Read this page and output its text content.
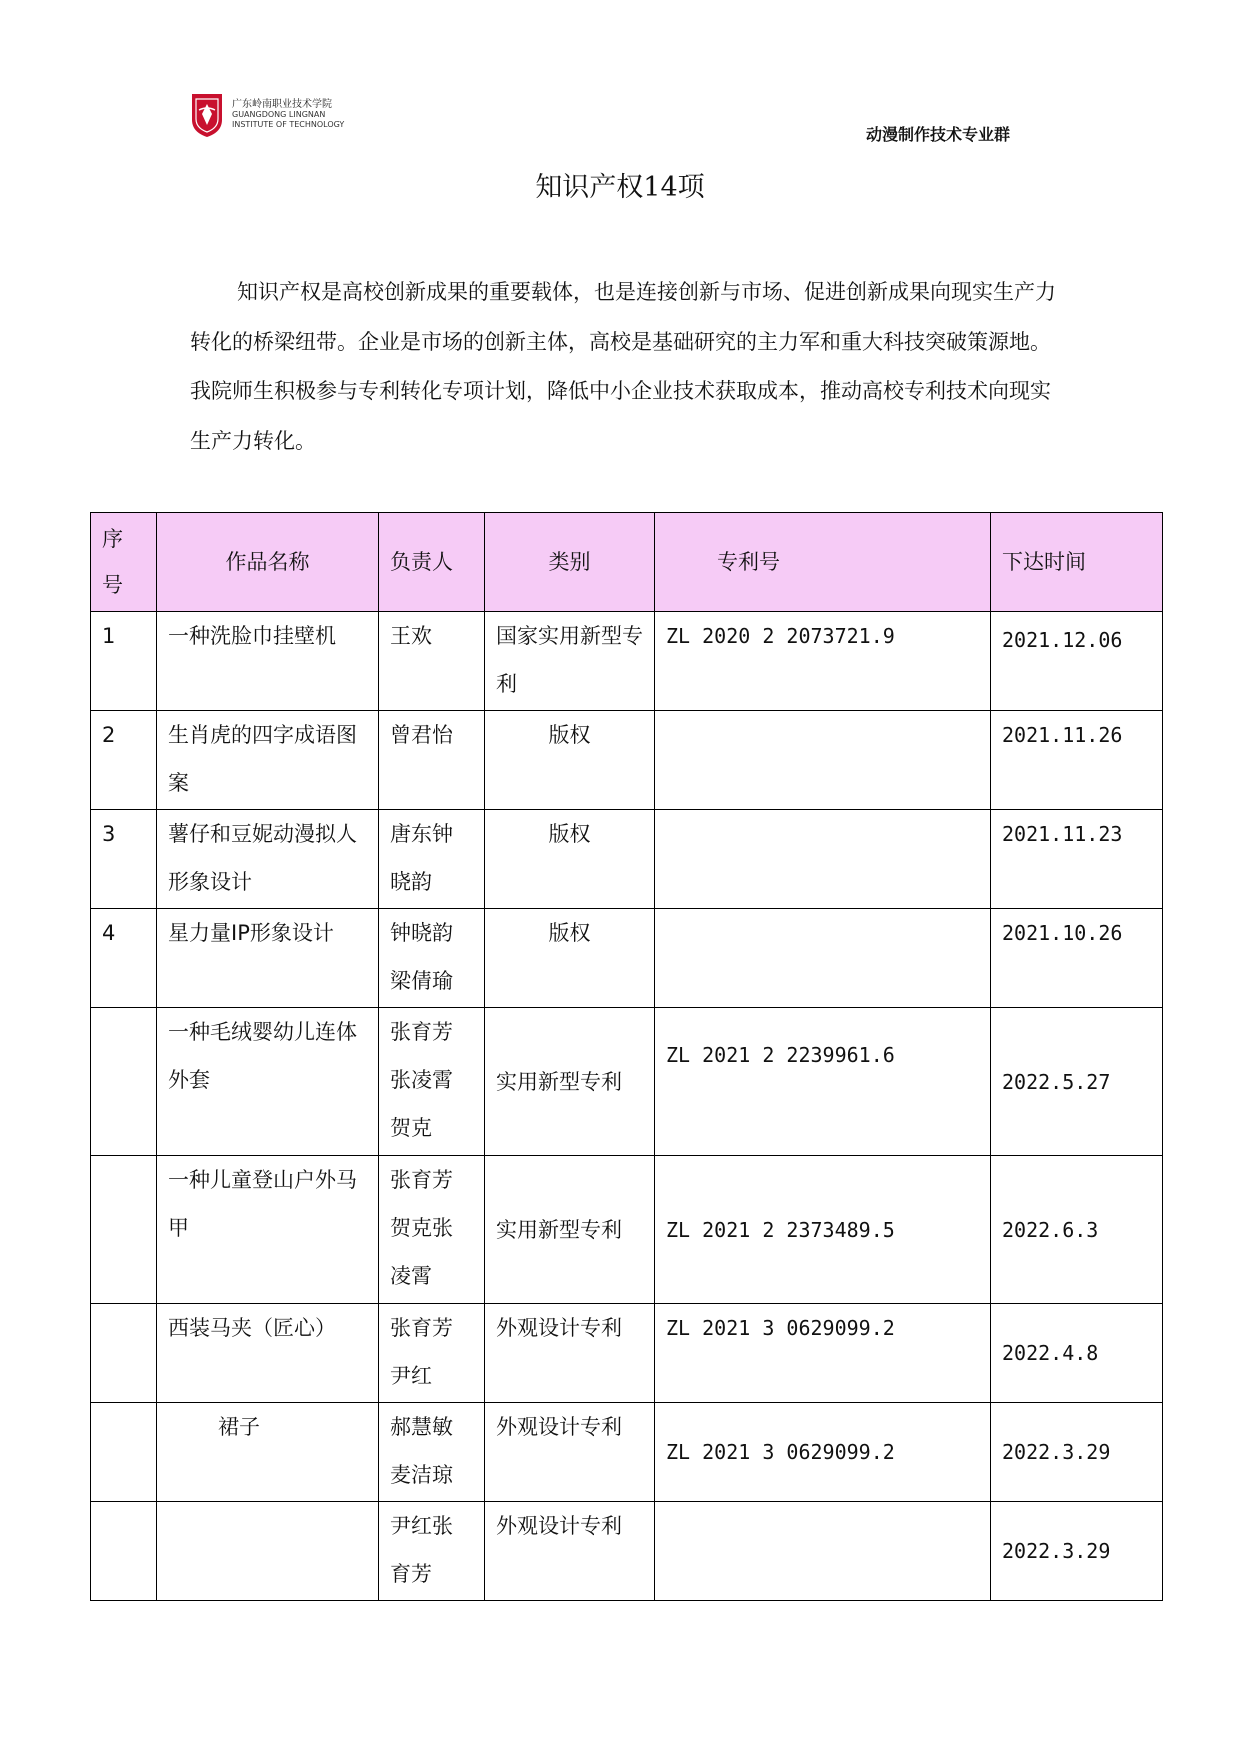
广东岭南职业技术学院
GUANGDONG LINGNAN
INSTITUTE OF TECHNOLOGY
动漫制作技术专业群
知识产权14项

知识产权是高校创新成果的重要载体，也是连接创新与市场、促进创新成果向现实生产力转化的桥梁纽带。企业是市场的创新主体，高校是基础研究的主力军和重大科技突破策源地。我院师生积极参与专利转化专项计划，降低中小企业技术获取成本，推动高校专利技术向现实生产力转化。

序
号	作品名称	负责人	类别	专利号	下达时间
1	一种洗脸巾挂壁机	王欢	国家实用新型专利	ZL 2020 2 2073721.9	2021.12.06
2	生肖虎的四字成语图案	曾君怡	版权		2021.11.26
3	薯仔和豆妮动漫拟人形象设计	唐东钟晓韵	版权		2021.11.23
4	星力量IP形象设计	钟晓韵梁倩瑜	版权		2021.10.26
	一种毛绒婴幼儿连体外套	张育芳张凌霄贺克	实用新型专利	ZL 2021 2 2239961.6	2022.5.27
	一种儿童登山户外马甲	张育芳贺克张凌霄	实用新型专利	ZL 2021 2 2373489.5	2022.6.3
	西装马夹（匠心）	张育芳尹红	外观设计专利	ZL 2021 3 0629099.2	2022.4.8
	裙子	郝慧敏麦洁琼	外观设计专利	ZL 2021 3 0629099.2	2022.3.29
		尹红张育芳	外观设计专利		2022.3.29
